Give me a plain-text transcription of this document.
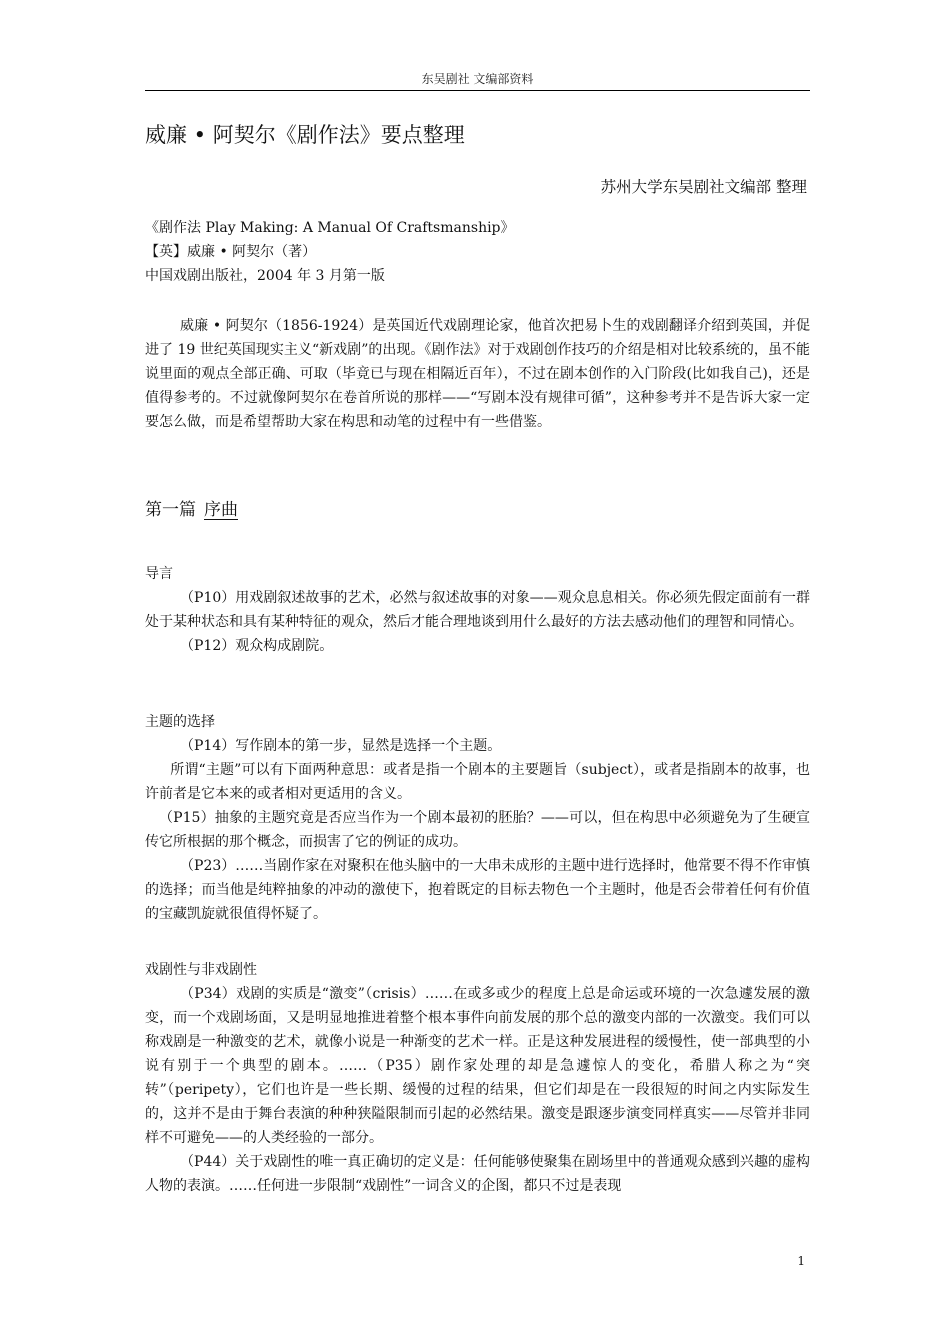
东吴剧社 文编部资料
威廉 • 阿契尔《剧作法》要点整理
苏州大学东吴剧社文编部 整理
《剧作法 Play Making: A Manual Of Craftsmanship》
【英】威廉 • 阿契尔（著）
中国戏剧出版社，2004 年 3 月第一版

威廉 • 阿契尔（1856-1924）是英国近代戏剧理论家，他首次把易卜生的戏剧翻译介绍到英国，并促进了 19 世纪英国现实主义“新戏剧”的出现。《剧作法》对于戏剧创作技巧的介绍是相对比较系统的，虽不能说里面的观点全部正确、可取（毕竟已与现在相隔近百年），不过在剧本创作的入门阶段(比如我自己)，还是值得参考的。不过就像阿契尔在卷首所说的那样——“写剧本没有规律可循”，这种参考并不是告诉大家一定要怎么做，而是希望帮助大家在构思和动笔的过程中有一些借鉴。

第一篇 序曲

导言

（P10）用戏剧叙述故事的艺术，必然与叙述故事的对象——观众息息相关。你必须先假定面前有一群处于某种状态和具有某种特征的观众，然后才能合理地谈到用什么最好的方法去感动他们的理智和同情心。

（P12）观众构成剧院。

主题的选择

（P14）写作剧本的第一步，显然是选择一个主题。

所谓“主题”可以有下面两种意思：或者是指一个剧本的主要题旨（subject），或者是指剧本的故事，也许前者是它本来的或者相对更适用的含义。

（P15）抽象的主题究竟是否应当作为一个剧本最初的胚胎？——可以，但在构思中必须避免为了生硬宣传它所根据的那个概念，而损害了它的例证的成功。

（P23）……当剧作家在对聚积在他头脑中的一大串未成形的主题中进行选择时，他常要不得不作审慎的选择；而当他是纯粹抽象的冲动的激使下，抱着既定的目标去物色一个主题时，他是否会带着任何有价值的宝藏凯旋就很值得怀疑了。

戏剧性与非戏剧性

（P34）戏剧的实质是“激变”（crisis）……在或多或少的程度上总是命运或环境的一次急遽发展的激变，而一个戏剧场面，又是明显地推进着整个根本事件向前发展的那个总的激变内部的一次激变。我们可以称戏剧是一种激变的艺术，就像小说是一种渐变的艺术一样。正是这种发展进程的缓慢性，使一部典型的小说有别于一个典型的剧本。……（P35）剧作家处理的却是急遽惊人的变化，希腊人称之为“突转”（peripety），它们也许是一些长期、缓慢的过程的结果，但它们却是在一段很短的时间之内实际发生的，这并不是由于舞台表演的种种狭隘限制而引起的必然结果。激变是跟逐步演变同样真实——尽管并非同样不可避免——的人类经验的一部分。

（P44）关于戏剧性的唯一真正确切的定义是：任何能够使聚集在剧场里中的普通观众感到兴趣的虚构人物的表演。……任何进一步限制“戏剧性”一词含义的企图，都只不过是表现

1
